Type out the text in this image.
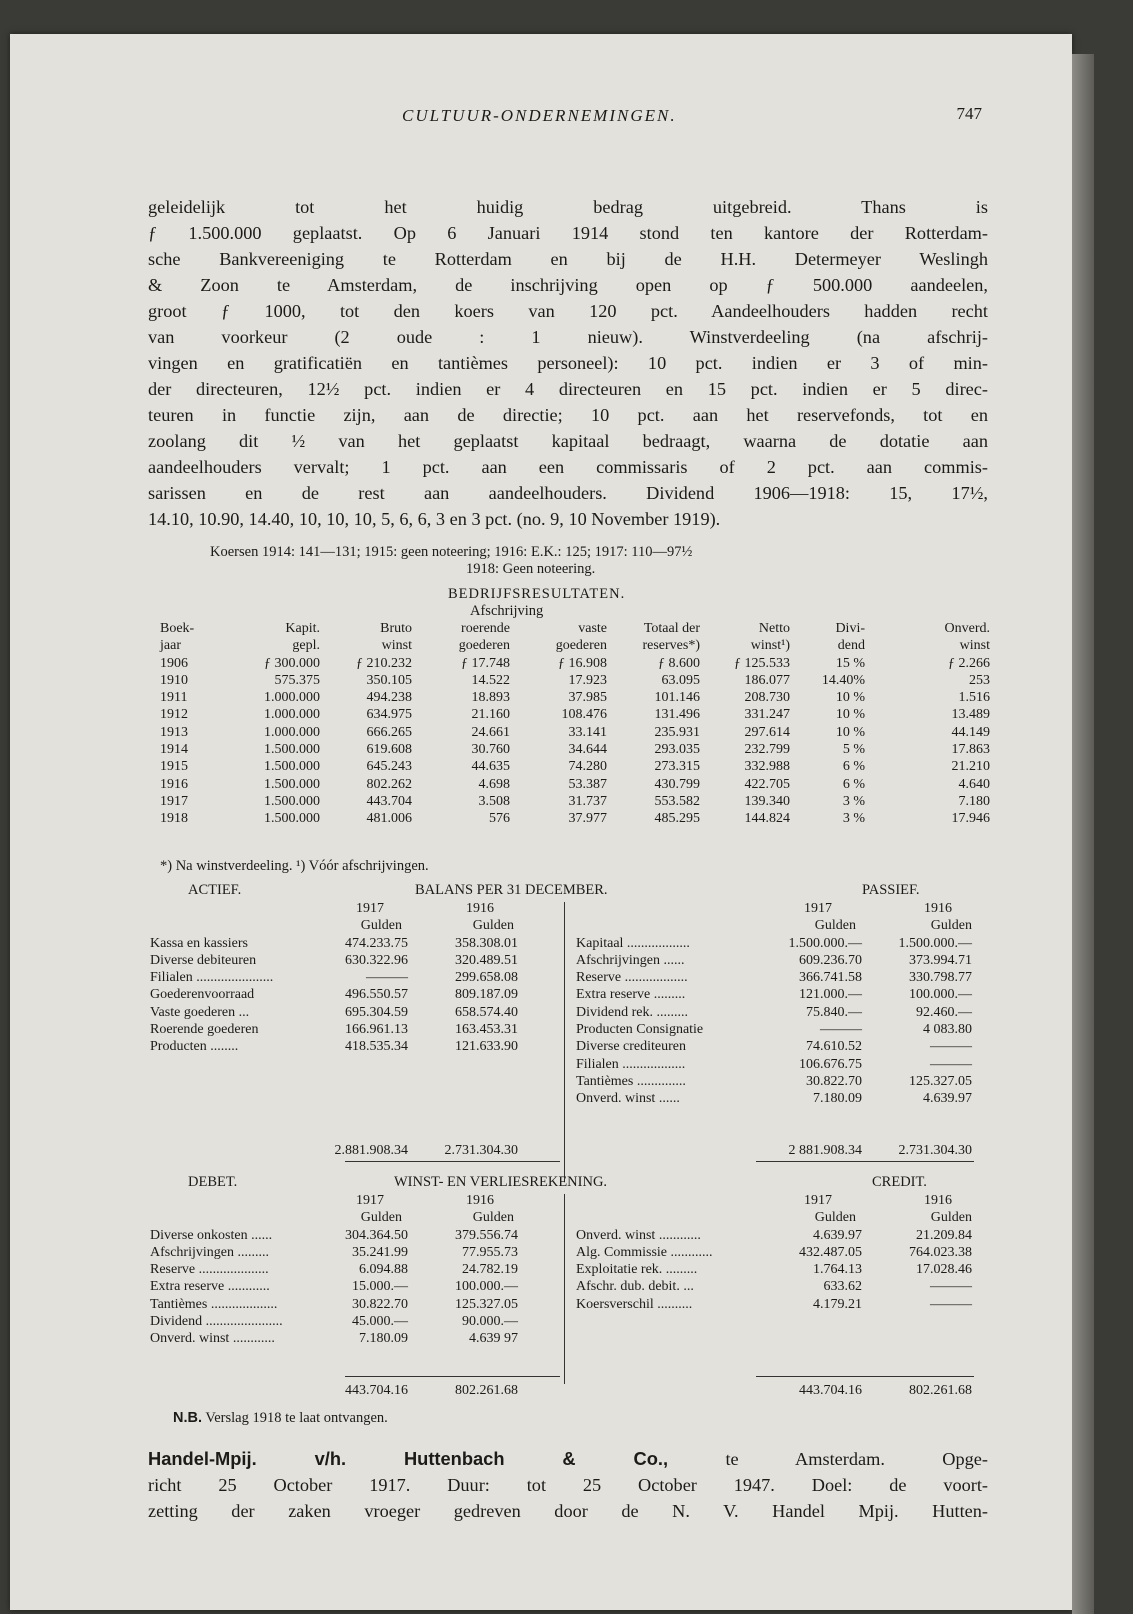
CULTUUR-ONDERNEMINGEN.	747
geleidelijk tot het huidig bedrag uitgebreid. Thans is
ƒ 1.500.000 geplaatst. Op 6 Januari 1914 stond ten kantore der Rotterdam-
sche Bankvereeniging te Rotterdam en bij de H.H. Determeyer Weslingh
& Zoon te Amsterdam, de inschrijving open op ƒ 500.000 aandeelen,
groot ƒ 1000, tot den koers van 120 pct. Aandeelhouders hadden recht
van voorkeur (2 oude : 1 nieuw). Winstverdeeling (na afschrij-
vingen en gratificatiën en tantièmes personeel): 10 pct. indien er 3 of min-
der directeuren, 12½ pct. indien er 4 directeuren en 15 pct. indien er 5 direc-
teuren in functie zijn, aan de directie; 10 pct. aan het reservefonds, tot en
zoolang dit ½ van het geplaatst kapitaal bedraagt, waarna de dotatie aan
aandeelhouders vervalt; 1 pct. aan een commissaris of 2 pct. aan commis-
sarissen en de rest aan aandeelhouders. Dividend 1906—1918: 15, 17½,
14.10, 10.90, 14.40, 10, 10, 10, 5, 6, 6, 3 en 3 pct. (no. 9, 10 November 1919).
Koersen 1914: 141—131; 1915: geen noteering; 1916: E.K.: 125; 1917: 110—97½
1918: Geen noteering.
BEDRIJFSRESULTATEN.
Afschrijving
Boek-	Kapit.	Bruto	roerende	vaste	Totaal der	Netto	Divi-	Onverd.
jaar	gepl.	winst	goederen	goederen	reserves*)	winst¹)	dend	winst
1906	ƒ 300.000	ƒ 210.232	ƒ 17.748	ƒ 16.908	ƒ 8.600 ƒ 125.533	15 %	ƒ 2.266
1910	575.375	350.105	14.522	17.923	63.095	186.077 14.40%	253
1911	1.000.000	494.238	18.893	37.985	101.146	208.730	10 %	1.516
1912	1.000.000	634.975	21.160	108.476	131.496	331.247	10 %	13.489
1913	1.000.000	666.265	24.661	33.141	235.931	297.614	10 %	44.149
1914	1.500.000	619.608	30.760	34.644	293.035	232.799	5 %	17.863
1915	1.500.000	645.243	44.635	74.280	273.315	332.988	6 %	21.210
1916	1.500.000	802.262	4.698	53.387	430.799	422.705	6 %	4.640
1917	1.500.000	443.704	3.508	31.737	553.582	139.340	3 %	7.180
1918	1.500.000	481.006	576	37.977	485.295	144.824	3 %	17.946
*) Na winstverdeeling. ¹) Vóór afschrijvingen.
ACTIEF.	BALANS PER 31 DECEMBER.	PASSIEF.
1917	1916	1917	1916
Gulden	Gulden	Gulden	Gulden
Kassa en kassiers	474.233.75	358.308.01	Kapitaal ..................	1.500.000.—	1.500.000.—
Diverse debiteuren	630.322.96	320.489.51	Afschrijvingen ......	609.236.70	373.994.71
Filialen ......................	———	299.658.08	Reserve ..................	366.741.58	330.798.77
Goederenvoorraad	496.550.57	809.187.09	Extra reserve .........	121.000.—	100.000.—
Vaste goederen ...	695.304.59	658.574.40	Dividend rek. .........	75.840.—	92.460.—
Roerende goederen	166.961.13	163.453.31	Producten Consignatie	———	4 083.80
Producten ........	418.535.34	121.633.90	Diverse crediteuren	74.610.52	———
Filialen ..................	106.676.75	———
Tantièmes ..............	30.822.70	125.327.05
Onverd. winst ......	7.180.09	4.639.97
2.881.908.34	2.731.304.30	2 881.908.34	2.731.304.30
DEBET.	WINST- EN VERLIESREKENING.	CREDIT.
1917	1916	1917	1916
Gulden	Gulden	Gulden	Gulden
Diverse onkosten ......	304.364.50	379.556.74	Onverd. winst ............	4.639.97	21.209.84
Afschrijvingen .........	35.241.99	77.955.73	Alg. Commissie ............	432.487.05	764.023.38
Reserve ....................	6.094.88	24.782.19	Exploitatie rek. .........	1.764.13	17.028.46
Extra reserve ............	15.000.—	100.000.—	Afschr. dub. debit. ...	633.62	———
Tantièmes ...................	30.822.70	125.327.05	Koersverschil ..........	4.179.21	———
Dividend ......................	45.000.—	90.000.—
Onverd. winst ............	7.180.09	4.639 97
443.704.16	802.261.68	443.704.16	802.261.68
N.B. Verslag 1918 te laat ontvangen.
Handel-Mpij. v/h. Huttenbach & Co.,	te Amsterdam. Opge-
richt 25 October 1917. Duur: tot 25 October 1947. Doel: de voort-
zetting der zaken vroeger gedreven door de N. V. Handel Mpij. Hutten-
